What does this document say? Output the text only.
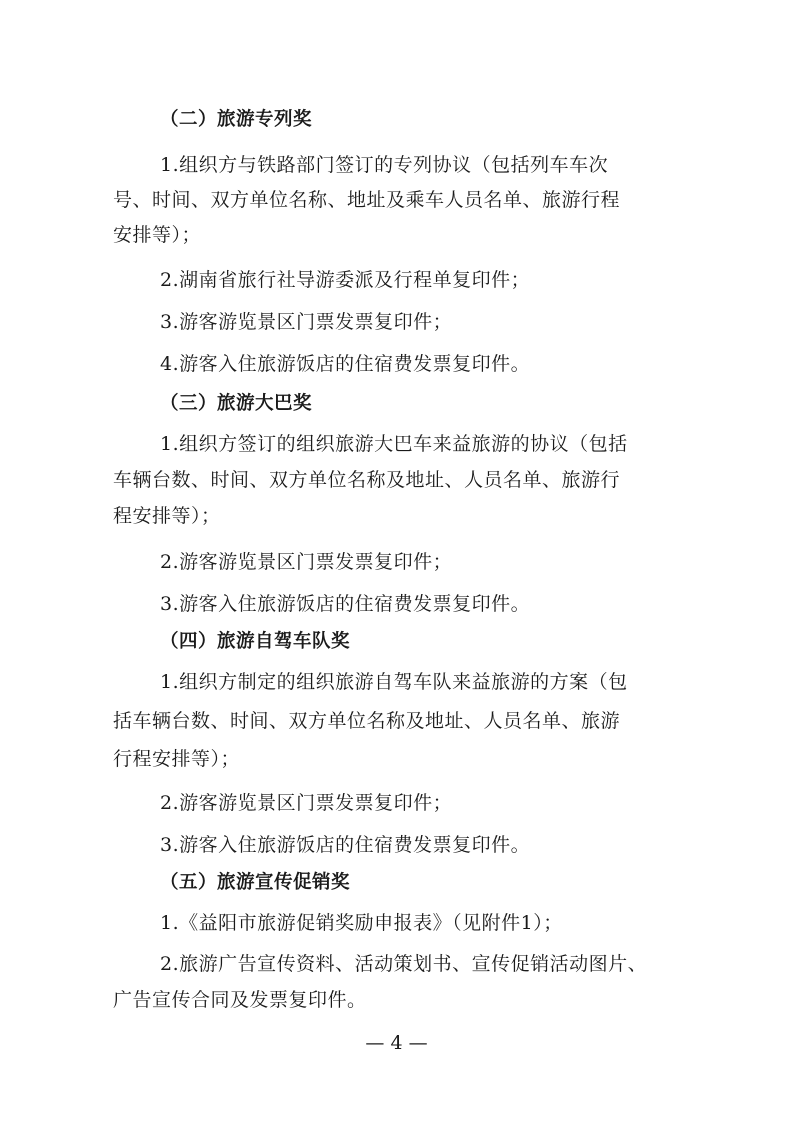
（二）旅游专列奖
1.组织方与铁路部门签订的专列协议（包括列车车次
号、时间、双方单位名称、地址及乘车人员名单、旅游行程
安排等）；
2.湖南省旅行社导游委派及行程单复印件；
3.游客游览景区门票发票复印件；
4.游客入住旅游饭店的住宿费发票复印件。
（三）旅游大巴奖
1.组织方签订的组织旅游大巴车来益旅游的协议（包括
车辆台数、时间、双方单位名称及地址、人员名单、旅游行
程安排等）；
2.游客游览景区门票发票复印件；
3.游客入住旅游饭店的住宿费发票复印件。
（四）旅游自驾车队奖
1.组织方制定的组织旅游自驾车队来益旅游的方案（包
括车辆台数、时间、双方单位名称及地址、人员名单、旅游
行程安排等）；
2.游客游览景区门票发票复印件；
3.游客入住旅游饭店的住宿费发票复印件。
（五）旅游宣传促销奖
1.《益阳市旅游促销奖励申报表》（见附件1）；
2.旅游广告宣传资料、活动策划书、宣传促销活动图片、
广告宣传合同及发票复印件。
— 4 —
